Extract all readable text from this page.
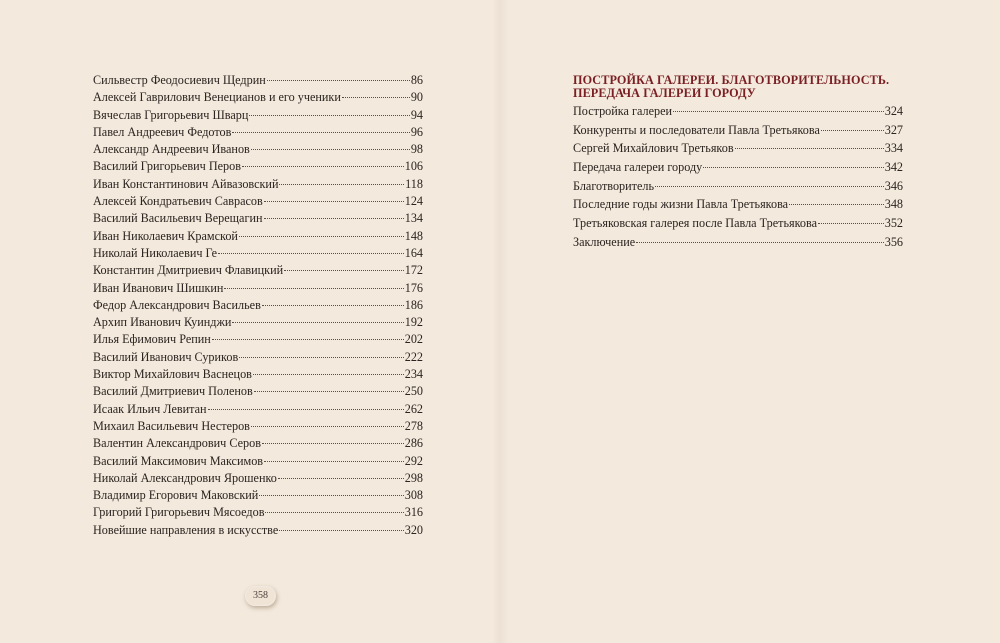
Сильвестр Феодосиевич Щедрин	86
Алексей Гаврилович Венецианов и его ученики	90
Вячеслав Григорьевич Шварц	94
Павел Андреевич Федотов	96
Александр Андреевич Иванов	98
Василий Григорьевич Перов	106
Иван Константинович Айвазовский	118
Алексей Кондратьевич Саврасов	124
Василий Васильевич Верещагин	134
Иван Николаевич Крамской	148
Николай Николаевич Ге	164
Константин Дмитриевич Флавицкий	172
Иван Иванович Шишкин	176
Федор Александрович Васильев	186
Архип Иванович Куинджи	192
Илья Ефимович Репин	202
Василий Иванович Суриков	222
Виктор Михайлович Васнецов	234
Василий Дмитриевич Поленов	250
Исаак Ильич Левитан	262
Михаил Васильевич Нестеров	278
Валентин Александрович Серов	286
Василий Максимович Максимов	292
Николай Александрович Ярошенко	298
Владимир Егорович Маковский	308
Григорий Григорьевич Мясоедов	316
Новейшие направления в искусстве	320
ПОСТРОЙКА ГАЛЕРЕИ. БЛАГОТВОРИТЕЛЬНОСТЬ.
ПЕРЕДАЧА ГАЛЕРЕИ ГОРОДУ
Постройка галереи	324
Конкуренты и последователи Павла Третьякова	327
Сергей Михайлович Третьяков	334
Передача галереи городу	342
Благотворитель	346
Последние годы жизни Павла Третьякова	348
Третьяковская галерея после Павла Третьякова	352
Заключение	356
358
